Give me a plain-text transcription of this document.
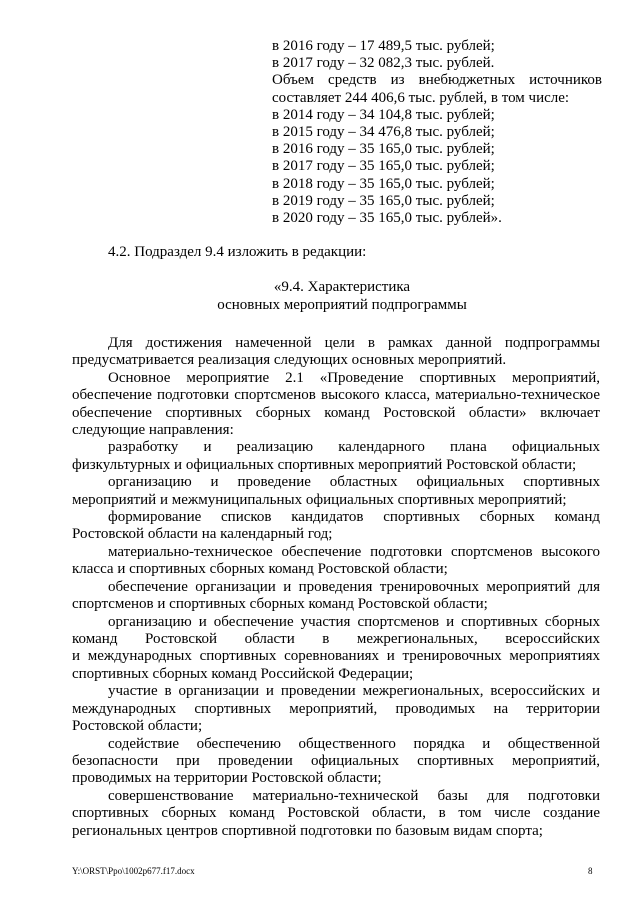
в 2016 году – 17 489,5 тыс. рублей;
в 2017 году – 32 082,3 тыс. рублей.
Объем средств из внебюджетных источников
составляет 244 406,6 тыс. рублей, в том числе:
в 2014 году – 34 104,8 тыс. рублей;
в 2015 году – 34 476,8 тыс. рублей;
в 2016 году – 35 165,0 тыс. рублей;
в 2017 году – 35 165,0 тыс. рублей;
в 2018 году – 35 165,0 тыс. рублей;
в 2019 году – 35 165,0 тыс. рублей;
в 2020 году – 35 165,0 тыс. рублей».
4.2. Подраздел 9.4 изложить в редакции:
«9.4. Характеристика
основных мероприятий подпрограммы
Для достижения намеченной цели в рамках данной подпрограммы
предусматривается реализация следующих основных мероприятий.
Основное мероприятие 2.1 «Проведение спортивных мероприятий,
обеспечение подготовки спортсменов высокого класса, материально-техническое
обеспечение спортивных сборных команд Ростовской области» включает
следующие направления:
разработку и реализацию календарного плана официальных
физкультурных и официальных спортивных мероприятий Ростовской области;
организацию и проведение областных официальных спортивных
мероприятий и межмуниципальных официальных спортивных мероприятий;
формирование списков кандидатов спортивных сборных команд
Ростовской области на календарный год;
материально-техническое обеспечение подготовки спортсменов высокого
класса и спортивных сборных команд Ростовской области;
обеспечение организации и проведения тренировочных мероприятий для
спортсменов и спортивных сборных команд Ростовской области;
организацию и обеспечение участия спортсменов и спортивных сборных
команд Ростовской области в межрегиональных, всероссийских
и международных спортивных соревнованиях и тренировочных мероприятиях
спортивных сборных команд Российской Федерации;
участие в организации и проведении межрегиональных, всероссийских и
международных спортивных мероприятий, проводимых на территории
Ростовской области;
содействие обеспечению общественного порядка и общественной
безопасности при проведении официальных спортивных мероприятий,
проводимых на территории Ростовской области;
совершенствование материально-технической базы для подготовки
спортивных сборных команд Ростовской области, в том числе создание
региональных центров спортивной подготовки по базовым видам спорта;
Y:\ORST\Ppo\1002p677.f17.docx	8
